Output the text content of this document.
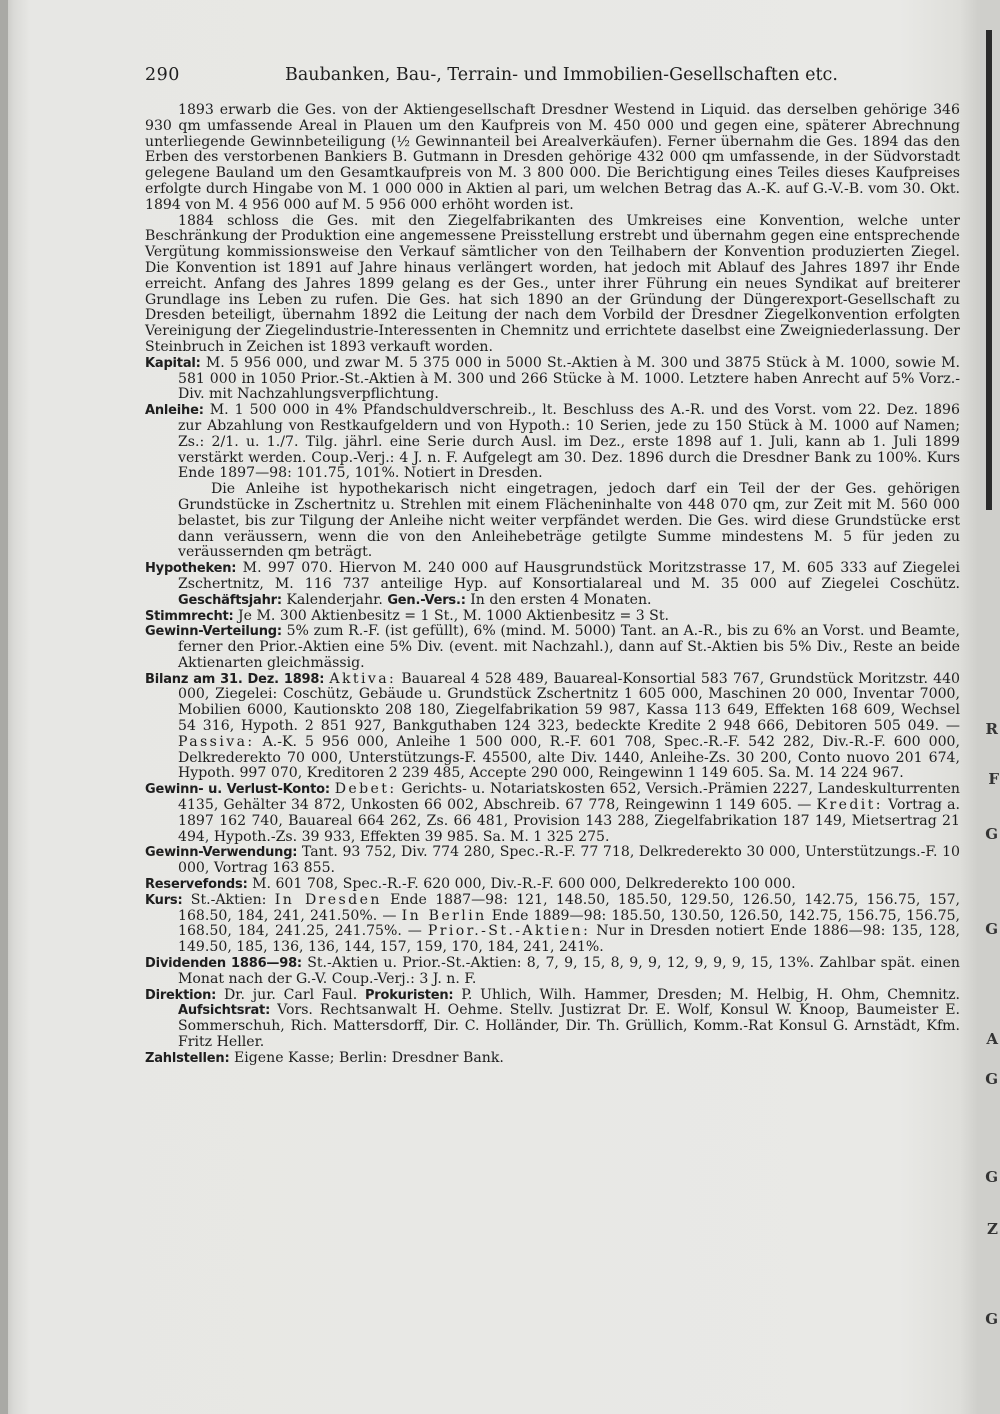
R
G
G
A
G
G
Z
G
F
290	Baubanken, Bau-, Terrain- und Immobilien-Gesellschaften etc.

1893 erwarb die Ges. von der Aktiengesellschaft Dresdner Westend in Liquid. das derselben gehörige 346 930 qm umfassende Areal in Plauen um den Kaufpreis von M. 450 000 und gegen eine, späterer Abrechnung unterliegende Gewinnbeteiligung (½ Gewinnanteil bei Arealverkäufen). Ferner übernahm die Ges. 1894 das den Erben des verstorbenen Bankiers B. Gutmann in Dresden gehörige 432 000 qm umfassende, in der Südvorstadt gelegene Bauland um den Gesamtkaufpreis von M. 3 800 000. Die Berichtigung eines Teiles dieses Kaufpreises erfolgte durch Hingabe von M. 1 000 000 in Aktien al pari, um welchen Betrag das A.-K. auf G.-V.-B. vom 30. Okt. 1894 von M. 4 956 000 auf M. 5 956 000 erhöht worden ist.

1884 schloss die Ges. mit den Ziegelfabrikanten des Umkreises eine Konvention, welche unter Beschränkung der Produktion eine angemessene Preisstellung erstrebt und übernahm gegen eine entsprechende Vergütung kommissionsweise den Verkauf sämtlicher von den Teilhabern der Konvention produzierten Ziegel. Die Konvention ist 1891 auf Jahre hinaus verlängert worden, hat jedoch mit Ablauf des Jahres 1897 ihr Ende erreicht. Anfang des Jahres 1899 gelang es der Ges., unter ihrer Führung ein neues Syndikat auf breiterer Grundlage ins Leben zu rufen. Die Ges. hat sich 1890 an der Gründung der Düngerexport-Gesellschaft zu Dresden beteiligt, übernahm 1892 die Leitung der nach dem Vorbild der Dresdner Ziegelkonvention erfolgten Vereinigung der Ziegelindustrie-Interessenten in Chemnitz und errichtete daselbst eine Zweigniederlassung. Der Steinbruch in Zeichen ist 1893 verkauft worden.

Kapital: M. 5 956 000, und zwar M. 5 375 000 in 5000 St.-Aktien à M. 300 und 3875 Stück à M. 1000, sowie M. 581 000 in 1050 Prior.-St.-Aktien à M. 300 und 266 Stücke à M. 1000. Letztere haben Anrecht auf 5% Vorz.-Div. mit Nachzahlungsverpflichtung.

Anleihe: M. 1 500 000 in 4% Pfandschuldverschreib., lt. Beschluss des A.-R. und des Vorst. vom 22. Dez. 1896 zur Abzahlung von Restkaufgeldern und von Hypoth.: 10 Serien, jede zu 150 Stück à M. 1000 auf Namen; Zs.: 2/1. u. 1./7. Tilg. jährl. eine Serie durch Ausl. im Dez., erste 1898 auf 1. Juli, kann ab 1. Juli 1899 verstärkt werden. Coup.-Verj.: 4 J. n. F. Aufgelegt am 30. Dez. 1896 durch die Dresdner Bank zu 100%. Kurs Ende 1897—98: 101.75, 101%. Notiert in Dresden.

Die Anleihe ist hypothekarisch nicht eingetragen, jedoch darf ein Teil der der Ges. gehörigen Grundstücke in Zschertnitz u. Strehlen mit einem Flächeninhalte von 448 070 qm, zur Zeit mit M. 560 000 belastet, bis zur Tilgung der Anleihe nicht weiter verpfändet werden. Die Ges. wird diese Grundstücke erst dann veräussern, wenn die von den Anleihebeträge getilgte Summe mindestens M. 5 für jeden zu veräussernden qm beträgt.

Hypotheken: M. 997 070. Hiervon M. 240 000 auf Hausgrundstück Moritzstrasse 17, M. 605 333 auf Ziegelei Zschertnitz, M. 116 737 anteilige Hyp. auf Konsortialareal und M. 35 000 auf Ziegelei Coschütz. Geschäftsjahr: Kalenderjahr. Gen.-Vers.: In den ersten 4 Monaten.

Stimmrecht: Je M. 300 Aktienbesitz = 1 St., M. 1000 Aktienbesitz = 3 St.

Gewinn-Verteilung: 5% zum R.-F. (ist gefüllt), 6% (mind. M. 5000) Tant. an A.-R., bis zu 6% an Vorst. und Beamte, ferner den Prior.-Aktien eine 5% Div. (event. mit Nachzahl.), dann auf St.-Aktien bis 5% Div., Reste an beide Aktienarten gleichmässig.

Bilanz am 31. Dez. 1898: Aktiva: Bauareal 4 528 489, Bauareal-Konsortial 583 767, Grundstück Moritzstr. 440 000, Ziegelei: Coschütz, Gebäude u. Grundstück Zschertnitz 1 605 000, Maschinen 20 000, Inventar 7000, Mobilien 6000, Kautionskto 208 180, Ziegelfabrikation 59 987, Kassa 113 649, Effekten 168 609, Wechsel 54 316, Hypoth. 2 851 927, Bankguthaben 124 323, bedeckte Kredite 2 948 666, Debitoren 505 049. — Passiva: A.-K. 5 956 000, Anleihe 1 500 000, R.-F. 601 708, Spec.-R.-F. 542 282, Div.-R.-F. 600 000, Delkrederekto 70 000, Unterstützungs-F. 45500, alte Div. 1440, Anleihe-Zs. 30 200, Conto nuovo 201 674, Hypoth. 997 070, Kreditoren 2 239 485, Accepte 290 000, Reingewinn 1 149 605. Sa. M. 14 224 967.

Gewinn- u. Verlust-Konto: Debet: Gerichts- u. Notariatskosten 652, Versich.-Prämien 2227, Landeskulturrenten 4135, Gehälter 34 872, Unkosten 66 002, Abschreib. 67 778, Reingewinn 1 149 605. — Kredit: Vortrag a. 1897 162 740, Bauareal 664 262, Zs. 66 481, Provision 143 288, Ziegelfabrikation 187 149, Mietsertrag 21 494, Hypoth.-Zs. 39 933, Effekten 39 985. Sa. M. 1 325 275.

Gewinn-Verwendung: Tant. 93 752, Div. 774 280, Spec.-R.-F. 77 718, Delkrederekto 30 000, Unterstützungs.-F. 10 000, Vortrag 163 855.

Reservefonds: M. 601 708, Spec.-R.-F. 620 000, Div.-R.-F. 600 000, Delkrederekto 100 000.

Kurs: St.-Aktien: In Dresden Ende 1887—98: 121, 148.50, 185.50, 129.50, 126.50, 142.75, 156.75, 157, 168.50, 184, 241, 241.50%. — In Berlin Ende 1889—98: 185.50, 130.50, 126.50, 142.75, 156.75, 156.75, 168.50, 184, 241.25, 241.75%. — Prior.-St.-Aktien: Nur in Dresden notiert Ende 1886—98: 135, 128, 149.50, 185, 136, 136, 144, 157, 159, 170, 184, 241, 241%.

Dividenden 1886—98: St.-Aktien u. Prior.-St.-Aktien: 8, 7, 9, 15, 8, 9, 9, 12, 9, 9, 9, 15, 13%. Zahlbar spät. einen Monat nach der G.-V. Coup.-Verj.: 3 J. n. F.

Direktion: Dr. jur. Carl Faul. Prokuristen: P. Uhlich, Wilh. Hammer, Dresden; M. Helbig, H. Ohm, Chemnitz. Aufsichtsrat: Vors. Rechtsanwalt H. Oehme. Stellv. Justizrat Dr. E. Wolf, Konsul W. Knoop, Baumeister E. Sommerschuh, Rich. Mattersdorff, Dir. C. Holländer, Dir. Th. Grüllich, Komm.-Rat Konsul G. Arnstädt, Kfm. Fritz Heller.

Zahlstellen: Eigene Kasse; Berlin: Dresdner Bank.
